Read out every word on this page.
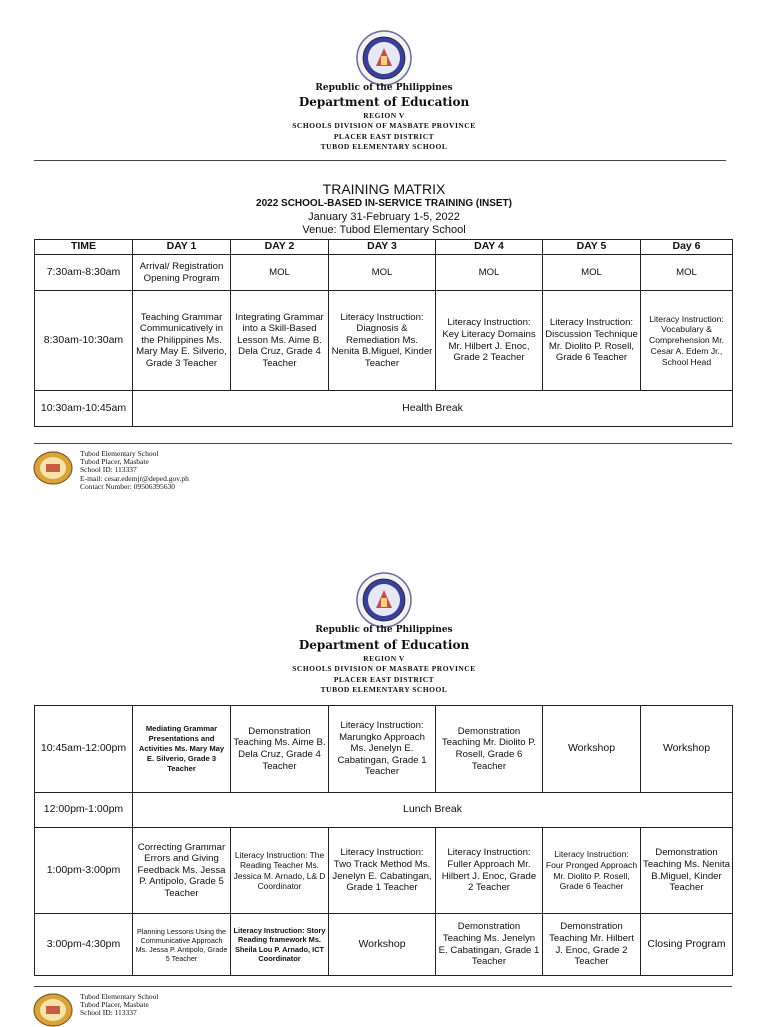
Republic of the Philippines
Department of Education
REGION V
SCHOOLS DIVISION OF MASBATE PROVINCE
PLACER EAST DISTRICT
TUBOD ELEMENTARY SCHOOL
TRAINING MATRIX
2022 SCHOOL-BASED IN-SERVICE TRAINING (INSET)
January 31-February 1-5, 2022
Venue: Tubod Elementary School
TIME	DAY 1	DAY 2	DAY 3	DAY 4	DAY 5	Day 6
7:30am-8:30am	Arrival/ Registration Opening Program	MOL	MOL	MOL	MOL	MOL
8:30am-10:30am	Teaching Grammar Communicatively in the Philippines Ms. Mary May E. Silverio, Grade 3 Teacher	Integrating Grammar into a Skill-Based Lesson Ms. Aime B. Dela Cruz, Grade 4 Teacher	Literacy Instruction: Diagnosis & Remediation Ms. Nenita B.Miguel, Kinder Teacher	Literacy Instruction: Key Literacy Domains Mr. Hilbert J. Enoc, Grade 2 Teacher	Literacy Instruction: Discussion Technique Mr. Diolito P. Rosell, Grade 6 Teacher	Literacy Instruction: Vocabulary & Comprehension Mr. Cesar A. Edem Jr., School Head
10:30am-10:45am	Health Break					
Tubod Elementary School
Tubod Placer, Masbate
School ID: 113337
E-mail: cesar.edemjr@deped.gov.ph
Contact Number: 09506395630
Republic of the Philippines
Department of Education
REGION V
SCHOOLS DIVISION OF MASBATE PROVINCE
PLACER EAST DISTRICT
TUBOD ELEMENTARY SCHOOL
10:45am-12:00pm	Mediating Grammar Presentations and Activities Ms. Mary May E. Silverio, Grade 3 Teacher	Demonstration Teaching Ms. Aime B. Dela Cruz, Grade 4 Teacher	Literacy Instruction: Marungko Approach Ms. Jenelyn E. Cabatingan, Grade 1 Teacher	Demonstration Teaching Mr. Diolito P. Rosell, Grade 6 Teacher	Workshop	Workshop
12:00pm-1:00pm	Lunch Break					
1:00pm-3:00pm	Correcting Grammar Errors and Giving Feedback Ms. Jessa P. Antipolo, Grade 5 Teacher	Literacy Instruction: The Reading Teacher Ms. Jessica M. Arnado, L& D Coordinator	Literacy Instruction: Two Track Method Ms. Jenelyn E. Cabatingan, Grade 1 Teacher	Literacy Instruction: Fuller Approach Mr. Hilbert J. Enoc, Grade 2 Teacher	Literacy Instruction: Four Pronged Approach Mr. Diolito P. Rosell, Grade 6 Teacher	Demonstration Teaching Ms. Nenita B.Miguel, Kinder Teacher
3:00pm-4:30pm	Planning Lessons Using the Communicative Approach Ms. Jessa P. Antipolo, Grade 5 Teacher	Literacy Instruction: Story Reading framework Ms. Sheila Lou P. Arnado, ICT Coordinator	Workshop	Demonstration Teaching Ms. Jenelyn E. Cabatingan, Grade 1 Teacher	Demonstration Teaching Mr. Hilbert J. Enoc, Grade 2 Teacher	Closing Program
Tubod Elementary School
Tubod Placer, Masbate
School ID: 113337
